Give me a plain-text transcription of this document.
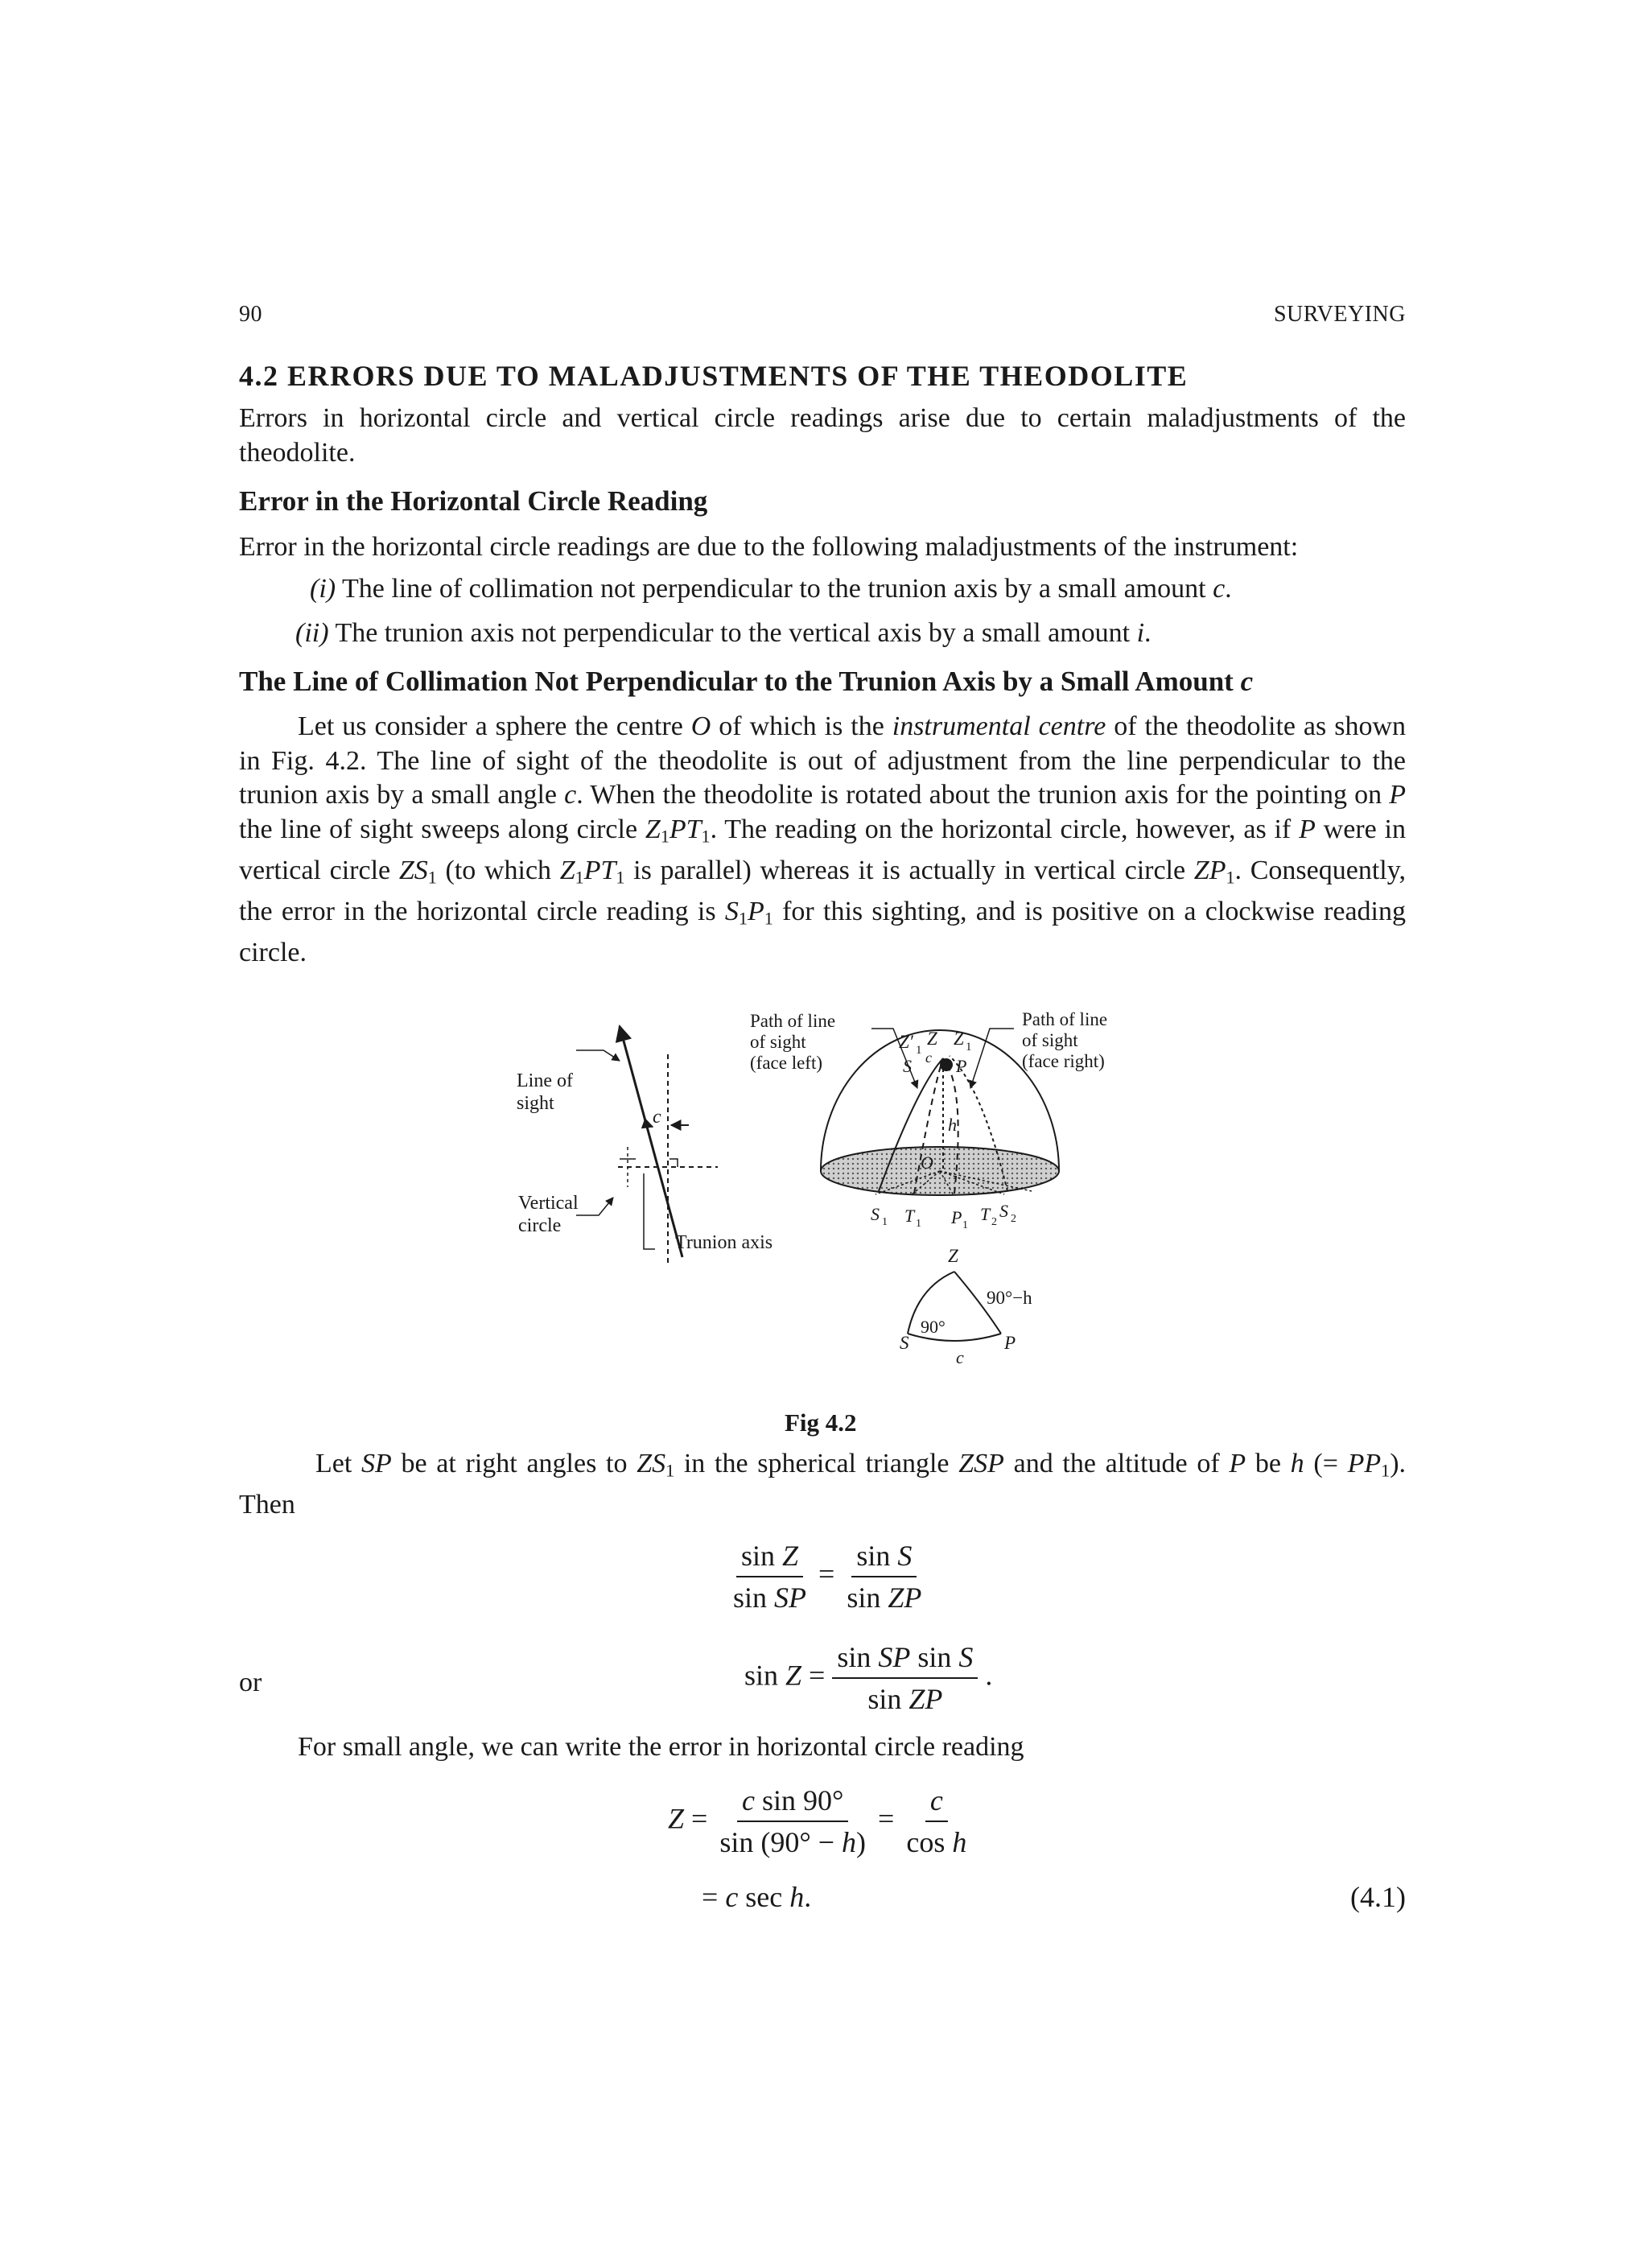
90	SURVEYING
4.2 ERRORS DUE TO MALADJUSTMENTS OF THE THEODOLITE
Errors in horizontal circle and vertical circle readings arise due to certain maladjustments of the theodolite.
Error in the Horizontal Circle Reading
Error in the horizontal circle readings are due to the following maladjustments of the instrument:
(i) The line of collimation not perpendicular to the trunion axis by a small amount c.
(ii) The trunion axis not perpendicular to the vertical axis by a small amount i.
The Line of Collimation Not Perpendicular to the Trunion Axis by a Small Amount c
Let us consider a sphere the centre O of which is the instrumental centre of the theodolite as shown in Fig. 4.2. The line of sight of the theodolite is out of adjustment from the line perpendicular to the trunion axis by a small angle c. When the theodolite is rotated about the trunion axis for the pointing on P the line of sight sweeps along circle $Z_1PT_1$. The reading on the horizontal circle, however, as if P were in vertical circle $ZS_1$ (to which $Z_1PT_1$ is parallel) whereas it is actually in vertical circle $ZP_1$. Consequently, the error in the horizontal circle reading is $S_1P_1$ for this sighting, and is positive on a clockwise reading circle.
Line of
sight
c
Vertical
circle
Trunion axis
Path of line
of sight
(face left)
Path of line
of sight
(face right)
Z′ 1
Z Z 1
S c P
h
O
S 1 T 1 P 1
T 2
S 2
Z
90°−h
90°
S	P
c
Fig 4.2
Let SP be at right angles to $ZS_1$ in the spherical triangle ZSP and the altitude of P be h (= $PP_1$). Then
$\frac{\text{sin Z}}{\text{sin SP}} = \frac{\text{sin S}}{\text{sin ZP}}$
or	$\sin Z = \frac{\text{sin SP sin S}}{\text{sin ZP}}$ .
For small angle, we can write the error in horizontal circle reading
$Z = \frac{\text{c sin 90°}}{\sin (90^\circ - h)} = \frac{c}{\text{cos h}}$
= c sec h.	(4.1)
